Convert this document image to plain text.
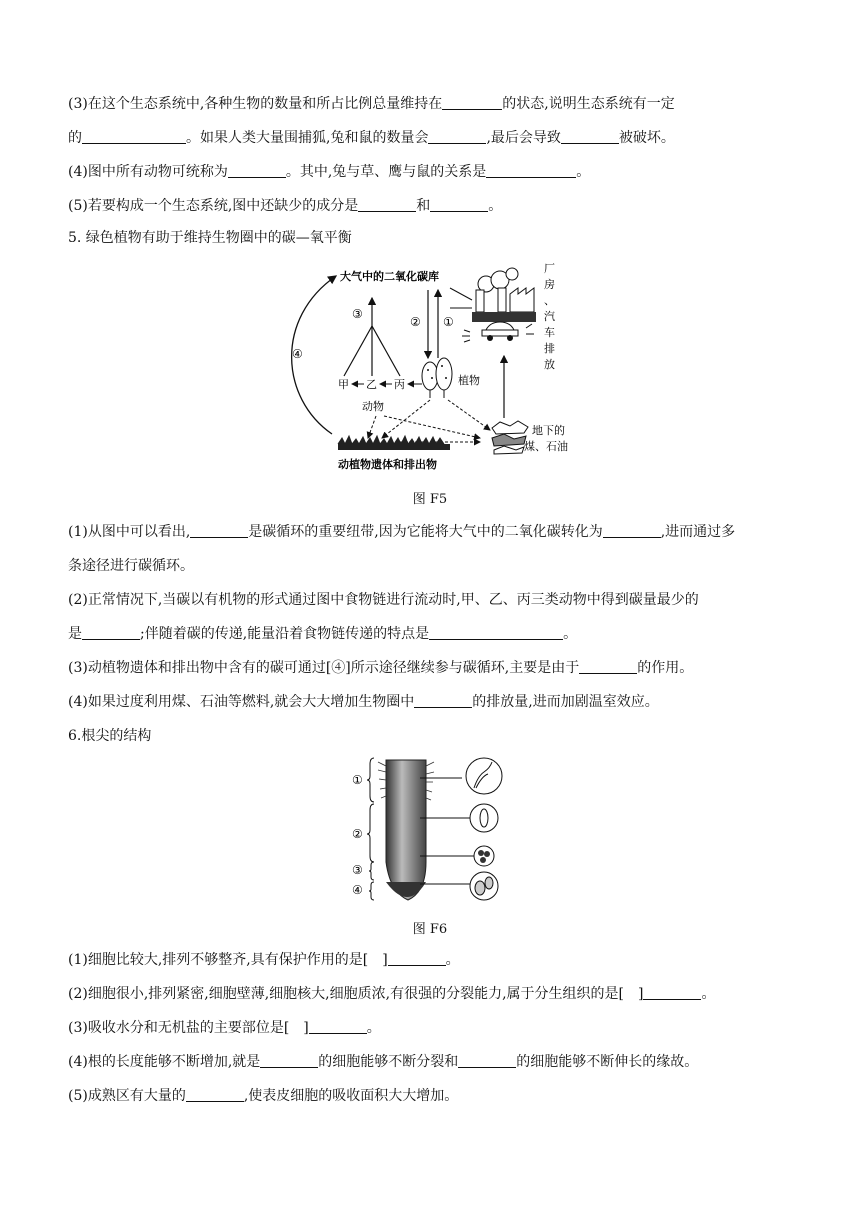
(3)在这个生态系统中,各种生物的数量和所占比例总量维持在	的状态,说明生态系统有一定
的	。如果人类大量围捕狐,兔和鼠的数量会	,最后会导致	被破坏。
(4)图中所有动物可统称为	。其中,兔与草、鹰与鼠的关系是	。
(5)若要构成一个生态系统,图中还缺少的成分是	和	。
5. 绿色植物有助于维持生物圈中的碳—氧平衡
大气中的二氧化碳库
④
③
② ①
甲 乙 丙	植物
动物
动植物遗体和排出物
地下的
煤、石油
厂
房
、
汽
车
排
放
图 F5
(1)从图中可以看出,	是碳循环的重要纽带,因为它能将大气中的二氧化碳转化为	,进而通过多
条途径进行碳循环。
(2)正常情况下,当碳以有机物的形式通过图中食物链进行流动时,甲、乙、丙三类动物中得到碳量最少的
是	;伴随着碳的传递,能量沿着食物链传递的特点是	。
(3)动植物遗体和排出物中含有的碳可通过[④]所示途径继续参与碳循环,主要是由于	的作用。
(4)如果过度利用煤、石油等燃料,就会大大增加生物圈中	的排放量,进而加剧温室效应。
6.根尖的结构
①
②
③
④
图 F6
(1)细胞比较大,排列不够整齐,具有保护作用的是[ ]	。
(2)细胞很小,排列紧密,细胞壁薄,细胞核大,细胞质浓,有很强的分裂能力,属于分生组织的是[ ]	。
(3)吸收水分和无机盐的主要部位是[ ]	。
(4)根的长度能够不断增加,就是	的细胞能够不断分裂和	的细胞能够不断伸长的缘故。
(5)成熟区有大量的	,使表皮细胞的吸收面积大大增加。
